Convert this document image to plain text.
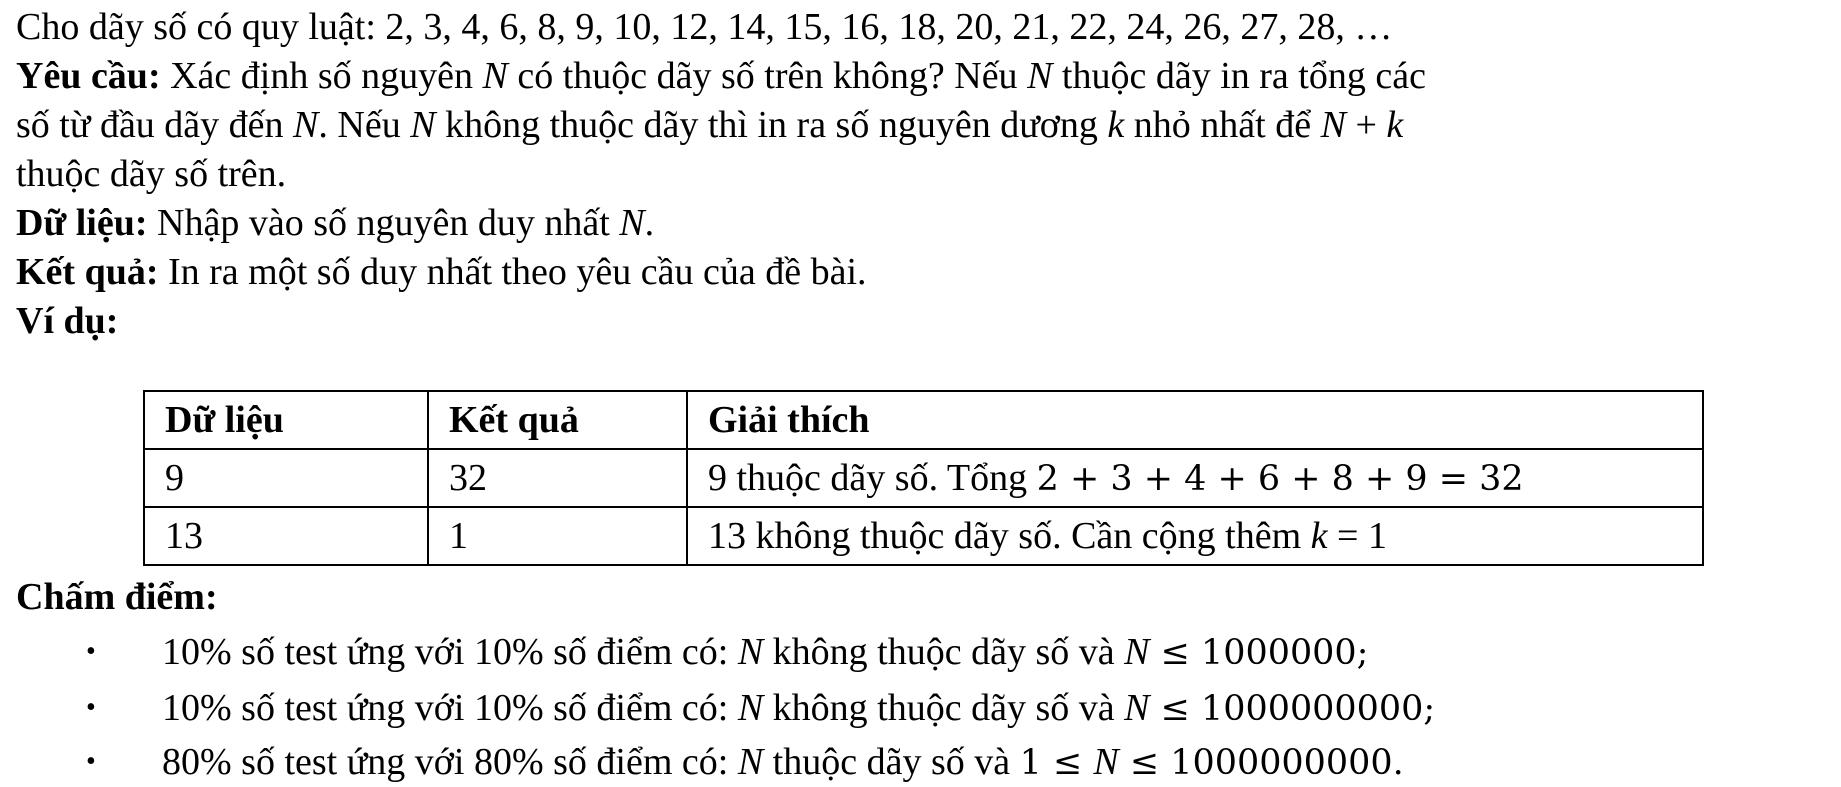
Cho dãy số có quy luật: 2, 3, 4, 6, 8, 9, 10, 12, 14, 15, 16, 18, 20, 21, 22, 24, 26, 27, 28, …
Yêu cầu: Xác định số nguyên N có thuộc dãy số trên không? Nếu N thuộc dãy in ra tổng các
số từ đầu dãy đến N. Nếu N không thuộc dãy thì in ra số nguyên dương k nhỏ nhất để N + k
thuộc dãy số trên.
Dữ liệu: Nhập vào số nguyên duy nhất N.
Kết quả: In ra một số duy nhất theo yêu cầu của đề bài.
Ví dụ:
Dữ liệu	Kết quả	Giải thích
9	32	9 thuộc dãy số. Tổng 2 + 3 + 4 + 6 + 8 + 9 = 32
13	1	13 không thuộc dãy số. Cần cộng thêm k = 1
Chấm điểm:
• 10% số test ứng với 10% số điểm có: N không thuộc dãy số và N ≤ 1000000;
• 10% số test ứng với 10% số điểm có: N không thuộc dãy số và N ≤ 1000000000;
• 80% số test ứng với 80% số điểm có: N thuộc dãy số và 1 ≤ N ≤ 1000000000.
